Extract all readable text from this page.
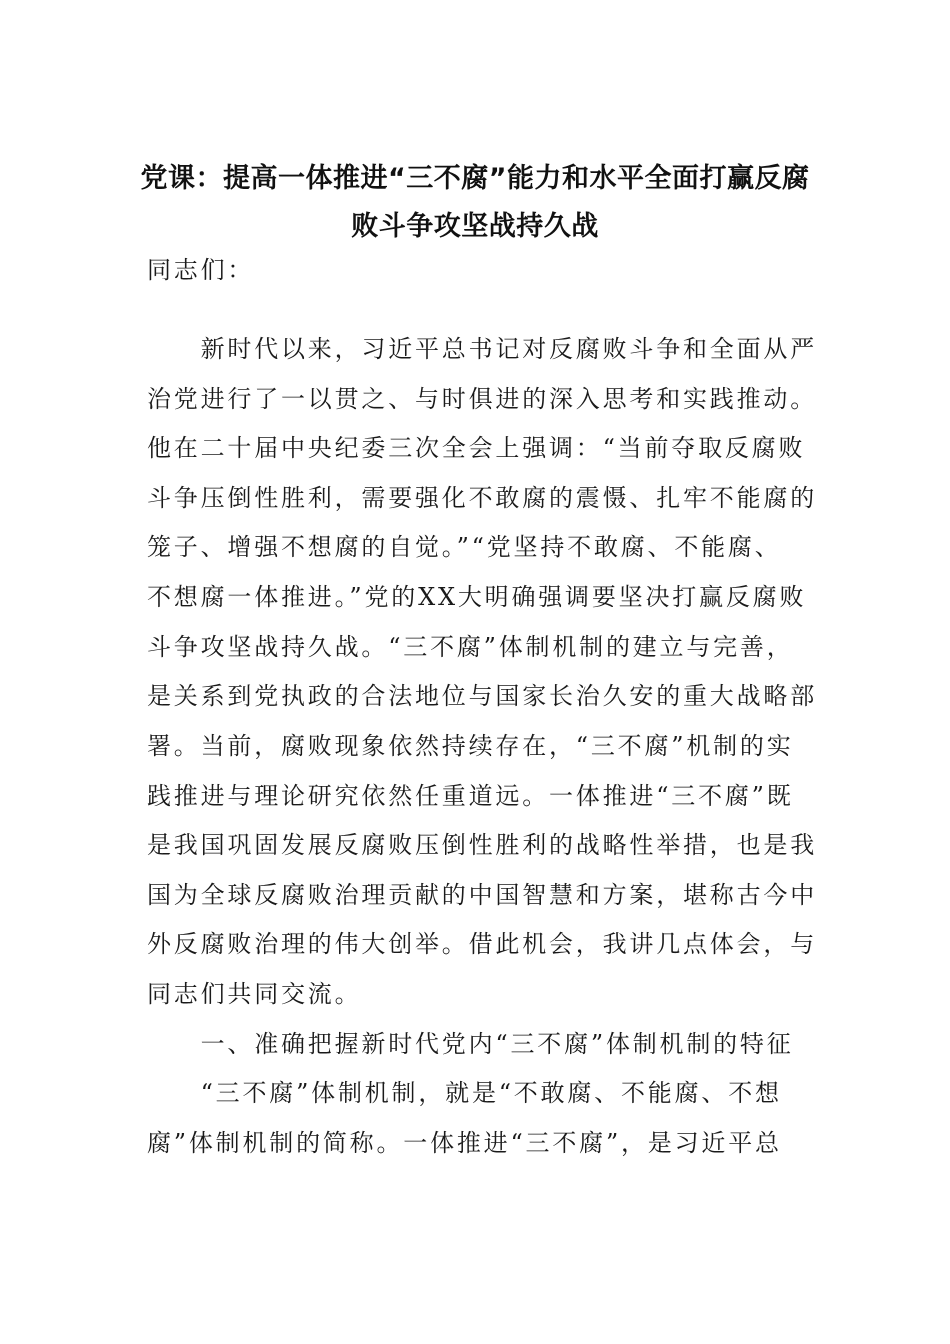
党课：提高一体推进“三不腐”能力和水平全面打赢反腐
败斗争攻坚战持久战
同志们：
　　新时代以来，习近平总书记对反腐败斗争和全面从严
治党进行了一以贯之、与时俱进的深入思考和实践推动。
他在二十届中央纪委三次全会上强调：“当前夺取反腐败
斗争压倒性胜利，需要强化不敢腐的震慑、扎牢不能腐的
笼子、增强不想腐的自觉。”“党坚持不敢腐、不能腐、
不想腐一体推进。”党的XX大明确强调要坚决打赢反腐败
斗争攻坚战持久战。“三不腐”体制机制的建立与完善，
是关系到党执政的合法地位与国家长治久安的重大战略部
署。当前，腐败现象依然持续存在，“三不腐”机制的实
践推进与理论研究依然任重道远。一体推进“三不腐”既
是我国巩固发展反腐败压倒性胜利的战略性举措，也是我
国为全球反腐败治理贡献的中国智慧和方案，堪称古今中
外反腐败治理的伟大创举。借此机会，我讲几点体会，与
同志们共同交流。
　　一、准确把握新时代党内“三不腐”体制机制的特征
　　“三不腐”体制机制，就是“不敢腐、不能腐、不想
腐”体制机制的简称。一体推进“三不腐”，是习近平总
